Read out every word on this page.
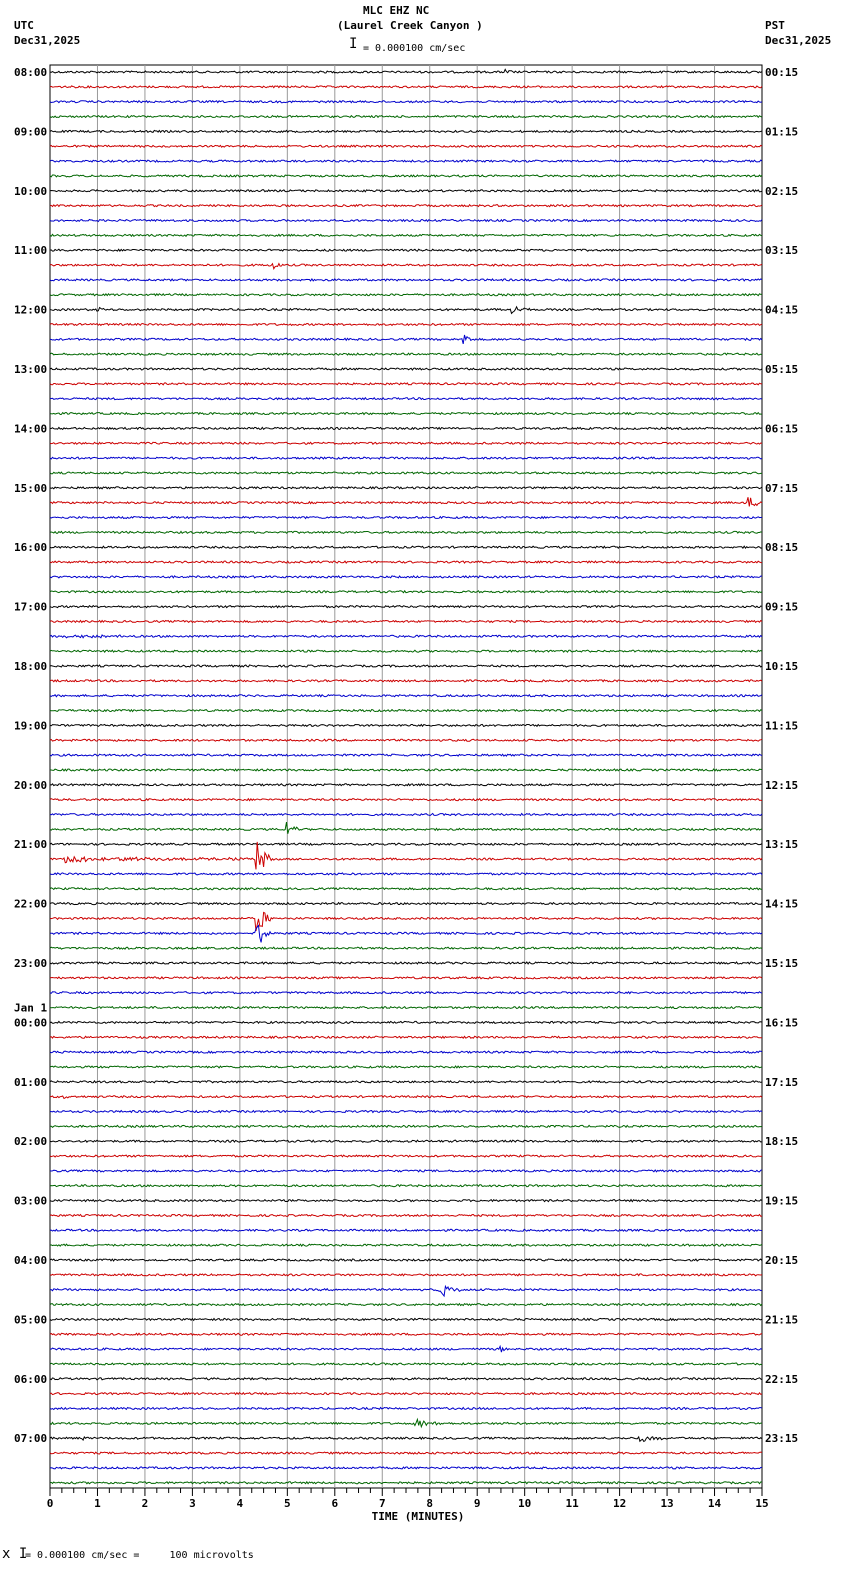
MLC EHZ NC
(Laurel Creek Canyon )
UTC
Dec31,2025
PST
Dec31,2025
I = 0.000100 cm/sec
08:00
09:00
10:00
11:00
12:00
13:00
14:00
15:00
16:00
17:00
18:00
19:00
20:00
21:00
22:00
23:00
Jan 1
00:00
01:00
02:00
03:00
04:00
05:00
06:00
07:00
00:15
01:15
02:15
03:15
04:15
05:15
06:15
07:15
08:15
09:15
10:15
11:15
12:15
13:15
14:15
15:15
16:15
17:15
18:15
19:15
20:15
21:15
22:15
23:15
TIME (MINUTES)
0	1	2	3	4	5	6	7	8	9	10	11	12	13	14	15
x I
= 0.000100 cm/sec =     100 microvolts
